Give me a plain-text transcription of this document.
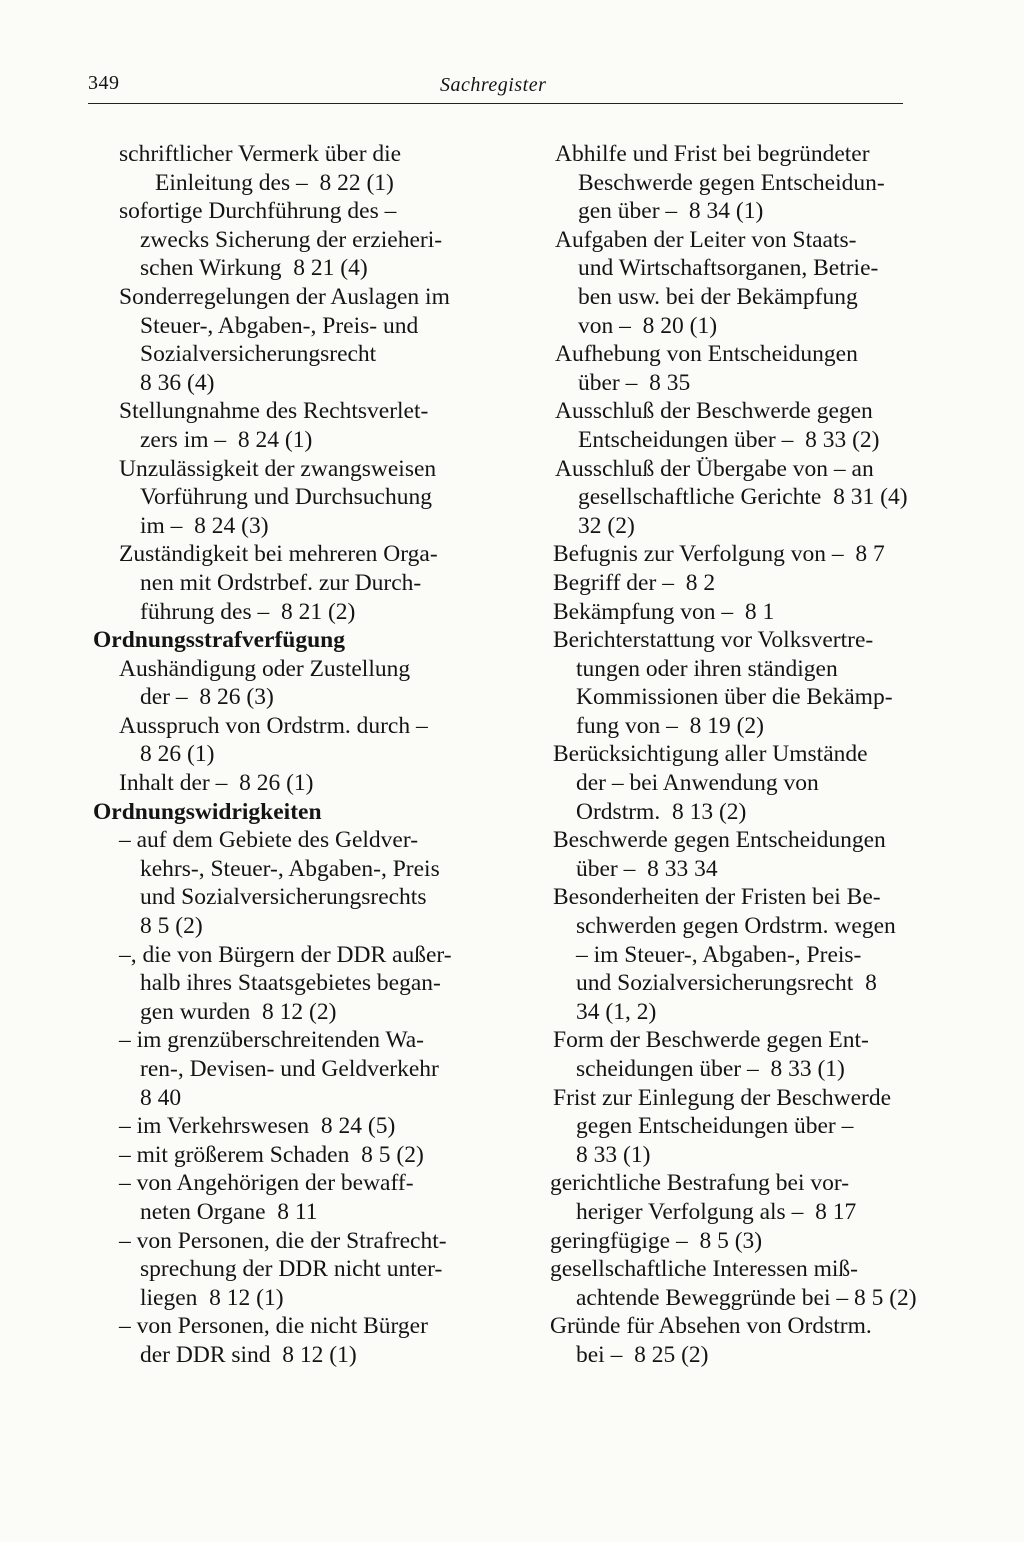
349	Sachregister
schriftlicher Vermerk über die
Einleitung des –  8 22 (1)
sofortige Durchführung des –
zwecks Sicherung der erzieheri-
schen Wirkung  8 21 (4)
Sonderregelungen der Auslagen im
Steuer-, Abgaben-, Preis- und
Sozialversicherungsrecht
8 36 (4)
Stellungnahme des Rechtsverlet-
zers im –  8 24 (1)
Unzulässigkeit der zwangsweisen
Vorführung und Durchsuchung
im –  8 24 (3)
Zuständigkeit bei mehreren Orga-
nen mit Ordstrbef. zur Durch-
führung des –  8 21 (2)
Ordnungsstrafverfügung
Aushändigung oder Zustellung
der –  8 26 (3)
Ausspruch von Ordstrm. durch –
8 26 (1)
Inhalt der –  8 26 (1)
Ordnungswidrigkeiten
– auf dem Gebiete des Geldver-
kehrs-, Steuer-, Abgaben-, Preis
und Sozialversicherungsrechts
8 5 (2)
–, die von Bürgern der DDR außer-
halb ihres Staatsgebietes began-
gen wurden  8 12 (2)
– im grenzüberschreitenden Wa-
ren-, Devisen- und Geldverkehr
8 40
– im Verkehrswesen  8 24 (5)
– mit größerem Schaden  8 5 (2)
– von Angehörigen der bewaff-
neten Organe  8 11
– von Personen, die der Strafrecht-
sprechung der DDR nicht unter-
liegen  8 12 (1)
– von Personen, die nicht Bürger
der DDR sind  8 12 (1)
Abhilfe und Frist bei begründeter
Beschwerde gegen Entscheidun-
gen über –  8 34 (1)
Aufgaben der Leiter von Staats-
und Wirtschaftsorganen, Betrie-
ben usw. bei der Bekämpfung
von –  8 20 (1)
Aufhebung von Entscheidungen
über –  8 35
Ausschluß der Beschwerde gegen
Entscheidungen über –  8 33 (2)
Ausschluß der Übergabe von – an
gesellschaftliche Gerichte  8 31 (4)
32 (2)
Befugnis zur Verfolgung von –  8 7
Begriff der –  8 2
Bekämpfung von –  8 1
Berichterstattung vor Volksvertre-
tungen oder ihren ständigen
Kommissionen über die Bekämp-
fung von –  8 19 (2)
Berücksichtigung aller Umstände
der – bei Anwendung von
Ordstrm.  8 13 (2)
Beschwerde gegen Entscheidungen
über –  8 33 34
Besonderheiten der Fristen bei Be-
schwerden gegen Ordstrm. wegen
– im Steuer-, Abgaben-, Preis-
und Sozialversicherungsrecht  8
34 (1, 2)
Form der Beschwerde gegen Ent-
scheidungen über –  8 33 (1)
Frist zur Einlegung der Beschwerde
gegen Entscheidungen über –
8 33 (1)
gerichtliche Bestrafung bei vor-
heriger Verfolgung als –  8 17
geringfügige –  8 5 (3)
gesellschaftliche Interessen miß-
achtende Beweggründe bei – 8 5 (2)
Gründe für Absehen von Ordstrm.
bei –  8 25 (2)
